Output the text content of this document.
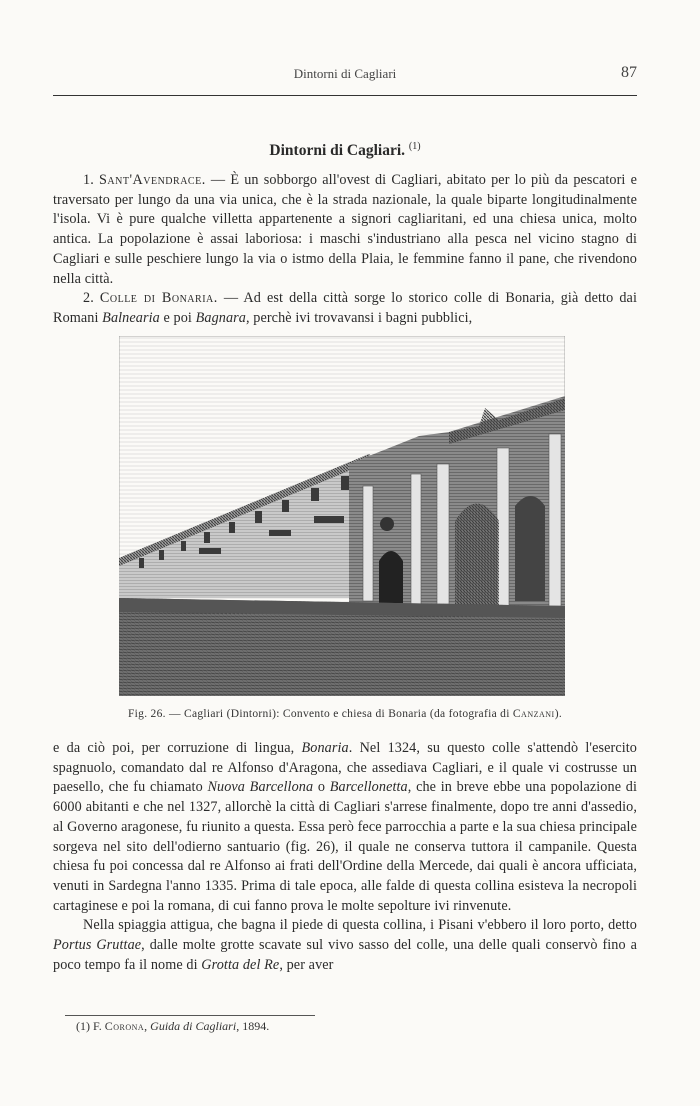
Dintorni di Cagliari	87
Dintorni di Cagliari. $^{(1)}$

1. Sant'Avendrace. — È un sobborgo all'ovest di Cagliari, abitato per lo più da pescatori e traversato per lungo da una via unica, che è la strada nazionale, la quale biparte longitudinalmente l'isola. Vi è pure qualche villetta appartenente a signori cagliaritani, ed una chiesa unica, molto antica. La popolazione è assai laboriosa: i maschi s'industriano alla pesca nel vicino stagno di Cagliari e sulle peschiere lungo la via o istmo della Plaia, le femmine fanno il pane, che rivendono nella città.

2. Colle di Bonaria. — Ad est della città sorge lo storico colle di Bonaria, già detto dai Romani Balnearia e poi Bagnara, perchè ivi trovavansi i bagni pubblici,

Fig. 26. — Cagliari (Dintorni): Convento e chiesa di Bonaria (da fotografia di Canzani).

e da ciò poi, per corruzione di lingua, Bonaria. Nel 1324, su questo colle s'attendò l'esercito spagnuolo, comandato dal re Alfonso d'Aragona, che assediava Cagliari, e il quale vi costrusse un paesello, che fu chiamato Nuova Barcellona o Barcellonetta, che in breve ebbe una popolazione di 6000 abitanti e che nel 1327, allorchè la città di Cagliari s'arrese finalmente, dopo tre anni d'assedio, al Governo aragonese, fu riunito a questa. Essa però fece parrocchia a parte e la sua chiesa principale sorgeva nel sito dell'odierno santuario (fig. 26), il quale ne conserva tuttora il campanile. Questa chiesa fu poi concessa dal re Alfonso ai frati dell'Ordine della Mercede, dai quali è ancora ufficiata, venuti in Sardegna l'anno 1335. Prima di tale epoca, alle falde di questa collina esisteva la necropoli cartaginese e poi la romana, di cui fanno prova le molte sepolture ivi rinvenute.

Nella spiaggia attigua, che bagna il piede di questa collina, i Pisani v'ebbero il loro porto, detto Portus Gruttae, dalle molte grotte scavate sul vivo sasso del colle, una delle quali conservò fino a poco tempo fa il nome di Grotta del Re, per aver

(1) F. Corona, Guida di Cagliari, 1894.
